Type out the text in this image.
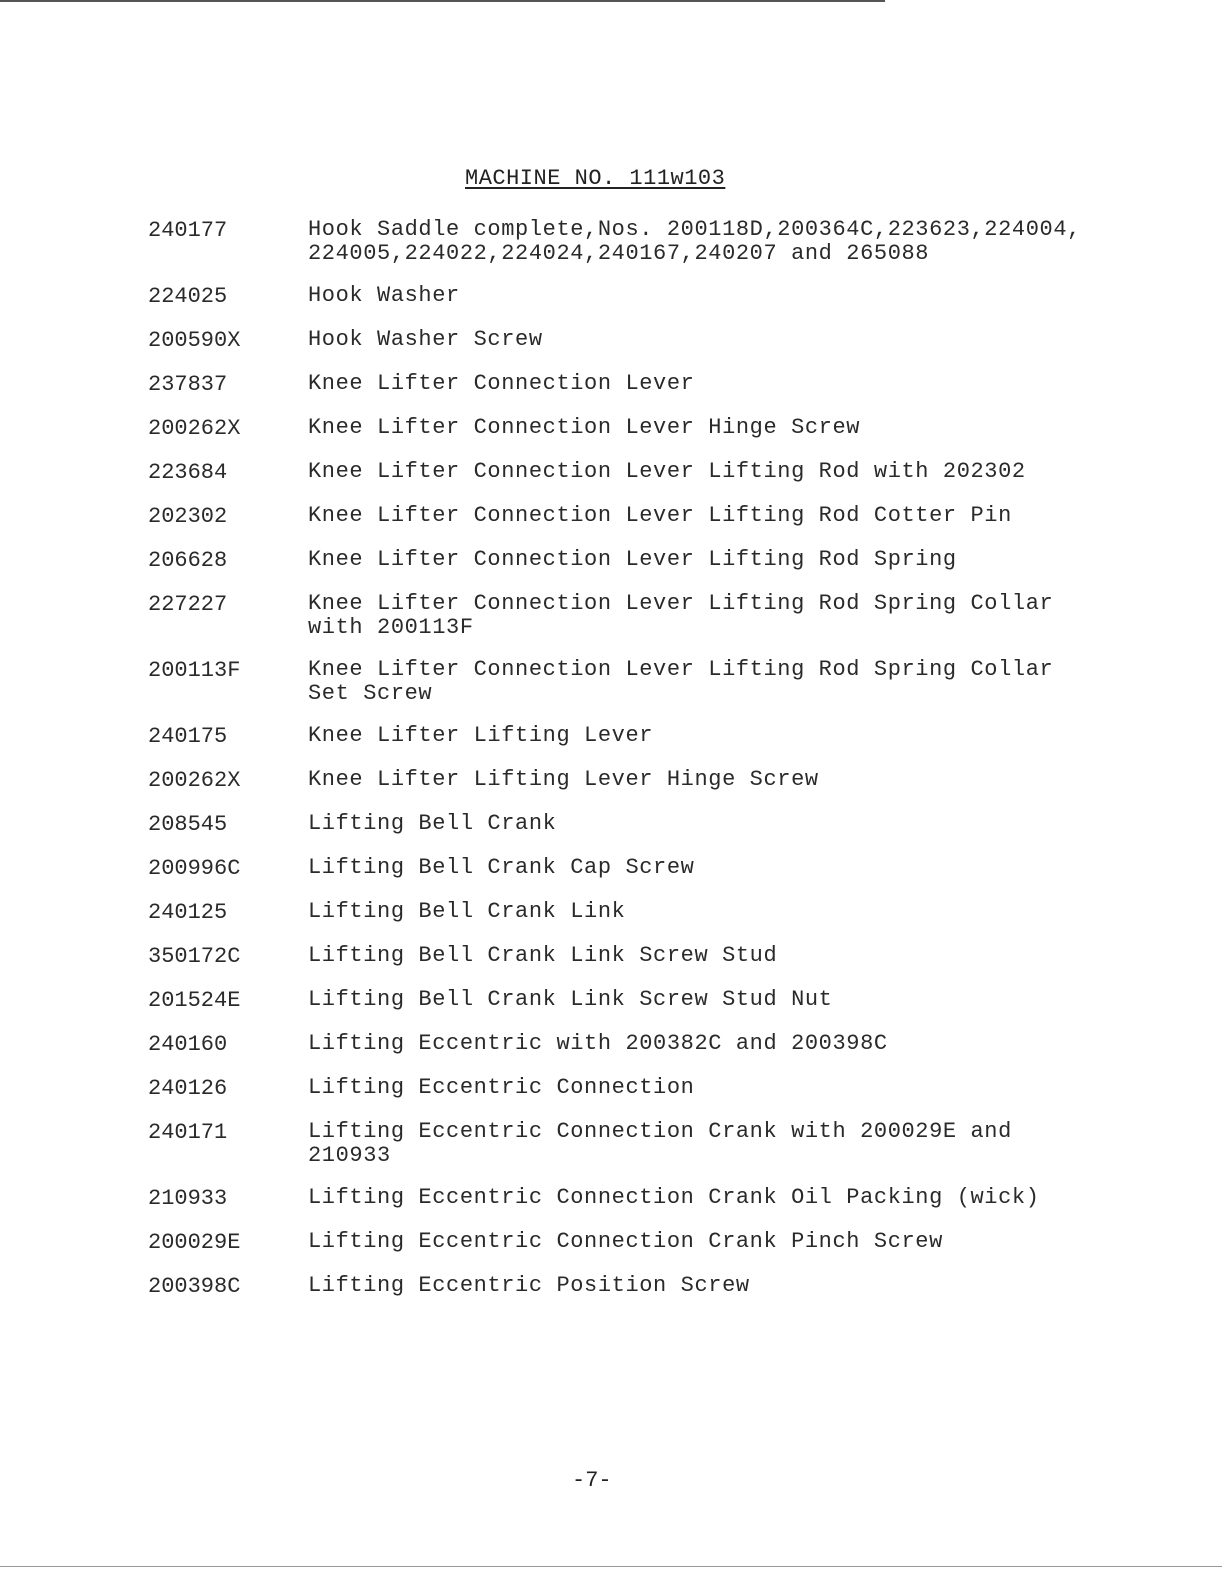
MACHINE NO. 111w103
240177	Hook Saddle complete,Nos. 200118D,200364C,223623,224004,
224005,224022,224024,240167,240207 and 265088
224025	Hook Washer
200590X	Hook Washer Screw
237837	Knee Lifter Connection Lever
200262X	Knee Lifter Connection Lever Hinge Screw
223684	Knee Lifter Connection Lever Lifting Rod with 202302
202302	Knee Lifter Connection Lever Lifting Rod Cotter Pin
206628	Knee Lifter Connection Lever Lifting Rod Spring
227227	Knee Lifter Connection Lever Lifting Rod Spring Collar
with 200113F
200113F	Knee Lifter Connection Lever Lifting Rod Spring Collar
Set Screw
240175	Knee Lifter Lifting Lever
200262X	Knee Lifter Lifting Lever Hinge Screw
208545	Lifting Bell Crank
200996C	Lifting Bell Crank Cap Screw
240125	Lifting Bell Crank Link
350172C	Lifting Bell Crank Link Screw Stud
201524E	Lifting Bell Crank Link Screw Stud Nut
240160	Lifting Eccentric with 200382C and 200398C
240126	Lifting Eccentric Connection
240171	Lifting Eccentric Connection Crank with 200029E and
210933
210933	Lifting Eccentric Connection Crank Oil Packing (wick)
200029E	Lifting Eccentric Connection Crank Pinch Screw
200398C	Lifting Eccentric Position Screw
-7-
